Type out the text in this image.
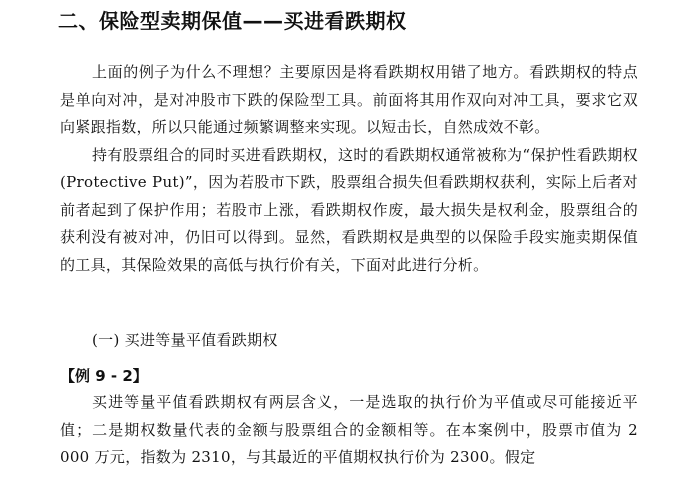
二、保险型卖期保值——买进看跌期权

上面的例子为什么不理想？主要原因是将看跌期权用错了地方。看跌期权的特点是单向对冲，是对冲股市下跌的保险型工具。前面将其用作双向对冲工具，要求它双向紧跟指数，所以只能通过频繁调整来实现。以短击长，自然成效不彰。

持有股票组合的同时买进看跌期权，这时的看跌期权通常被称为“保护性看跌期权(Protective Put)”，因为若股市下跌，股票组合损失但看跌期权获利，实际上后者对前者起到了保护作用；若股市上涨，看跌期权作废，最大损失是权利金，股票组合的获利没有被对冲，仍旧可以得到。显然，看跌期权是典型的以保险手段实施卖期保值的工具，其保险效果的高低与执行价有关，下面对此进行分析。

(一) 买进等量平值看跌期权
【例 9 - 2】

买进等量平值看跌期权有两层含义，一是选取的执行价为平值或尽可能接近平值；二是期权数量代表的金额与股票组合的金额相等。在本案例中，股票市值为 2 000 万元，指数为 2310，与其最近的平值期权执行价为 2300。假定
